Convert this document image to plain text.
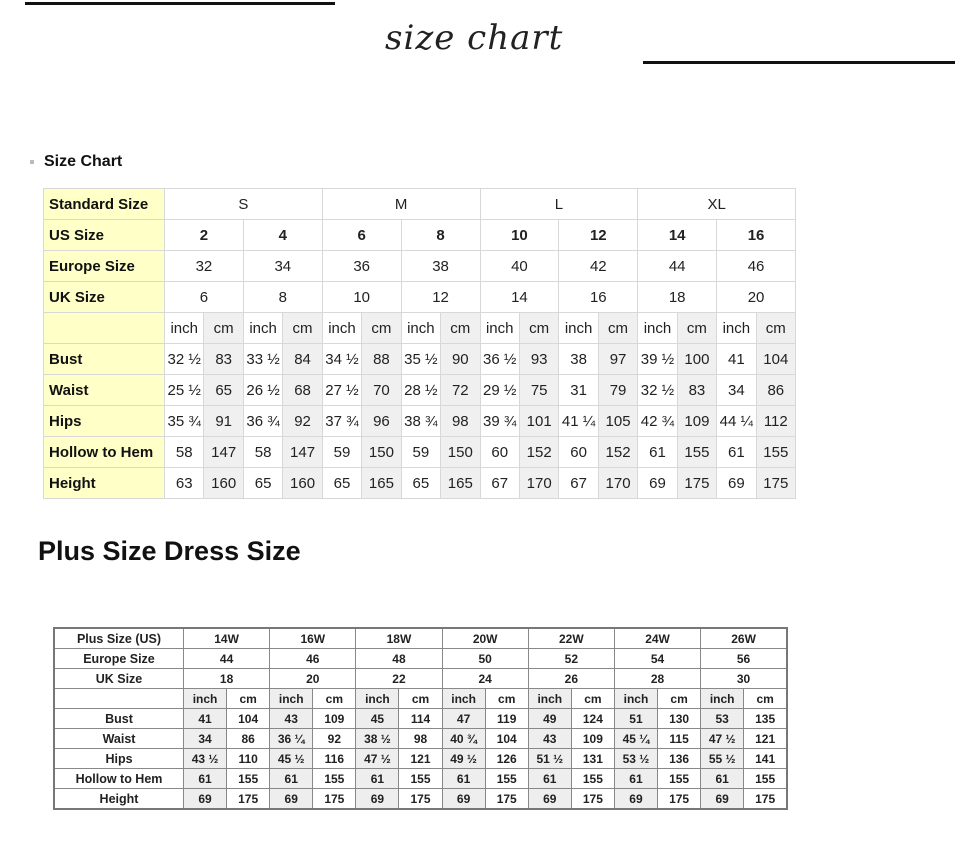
size chart
Size Chart
Standard Size	S				M				L				XL			
US Size	2		4		6		8		10		12		14		16	
Europe Size	32		34		36		38		40		42		44		46	
UK Size	6		8		10		12		14		16		18		20	
	inch	cm	inch	cm	inch	cm	inch	cm	inch	cm	inch	cm	inch	cm	inch	cm
Bust	32 ½	83	33 ½	84	34 ½	88	35 ½	90	36 ½	93	38	97	39 ½	100	41	104
Waist	25 ½	65	26 ½	68	27 ½	70	28 ½	72	29 ½	75	31	79	32 ½	83	34	86
Hips	35 ¾	91	36 ¾	92	37 ¾	96	38 ¾	98	39 ¾	101	41 ¼	105	42 ¾	109	44 ¼	112
Hollow to Hem	58	147	58	147	59	150	59	150	60	152	60	152	61	155	61	155
Height	63	160	65	160	65	165	65	165	67	170	67	170	69	175	69	175
Plus Size Dress Size
Plus Size (US)	14W		16W		18W		20W		22W		24W		26W	
Europe Size	44		46		48		50		52		54		56	
UK Size	18		20		22		24		26		28		30	
	inch	cm	inch	cm	inch	cm	inch	cm	inch	cm	inch	cm	inch	cm
Bust	41	104	43	109	45	114	47	119	49	124	51	130	53	135
Waist	34	86	36 ¼	92	38 ½	98	40 ¾	104	43	109	45 ¼	115	47 ½	121
Hips	43 ½	110	45 ½	116	47 ½	121	49 ½	126	51 ½	131	53 ½	136	55 ½	141
Hollow to Hem	61	155	61	155	61	155	61	155	61	155	61	155	61	155
Height	69	175	69	175	69	175	69	175	69	175	69	175	69	175
